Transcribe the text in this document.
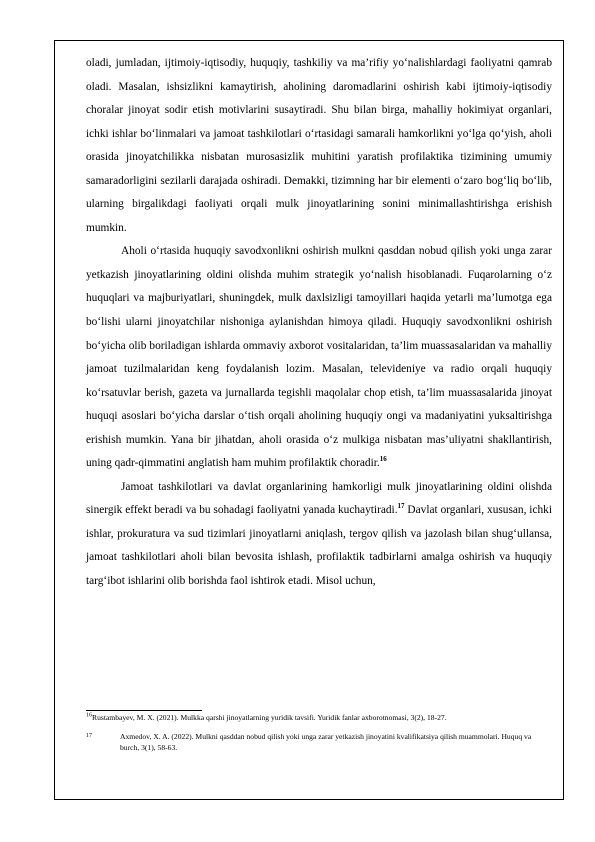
oladi, jumladan, ijtimoiy-iqtisodiy, huquqiy, tashkiliy va ma’rifiy yo‘nalishlardagi faoliyatni qamrab oladi. Masalan, ishsizlikni kamaytirish, aholining daromadlarini oshirish kabi ijtimoiy-iqtisodiy choralar jinoyat sodir etish motivlarini susaytiradi. Shu bilan birga, mahalliy hokimiyat organlari, ichki ishlar bo‘linmalari va jamoat tashkilotlari o‘rtasidagi samarali hamkorlikni yo‘lga qo‘yish, aholi orasida jinoyatchilikka nisbatan murosasizlik muhitini yaratish profilaktika tizimining umumiy samaradorligini sezilarli darajada oshiradi. Demakki, tizimning har bir elementi o‘zaro bog‘liq bo‘lib, ularning birgalikdagi faoliyati orqali mulk jinoyatlarining sonini minimallashtirishga erishish mumkin.

Aholi o‘rtasida huquqiy savodxonlikni oshirish mulkni qasddan nobud qilish yoki unga zarar yetkazish jinoyatlarining oldini olishda muhim strategik yo‘nalish hisoblanadi. Fuqarolarning o‘z huquqlari va majburiyatlari, shuningdek, mulk daxlsizligi tamoyillari haqida yetarli ma’lumotga ega bo‘lishi ularni jinoyatchilar nishoniga aylanishdan himoya qiladi. Huquqiy savodxonlikni oshirish bo‘yicha olib boriladigan ishlarda ommaviy axborot vositalaridan, ta’lim muassasalaridan va mahalliy jamoat tuzilmalaridan keng foydalanish lozim. Masalan, televideniye va radio orqali huquqiy ko‘rsatuvlar berish, gazeta va jurnallarda tegishli maqolalar chop etish, ta’lim muassasalarida jinoyat huquqi asoslari bo‘yicha darslar o‘tish orqali aholining huquqiy ongi va madaniyatini yuksaltirishga erishish mumkin. Yana bir jihatdan, aholi orasida o‘z mulkiga nisbatan mas’uliyatni shakllantirish, uning qadr-qimmatini anglatish ham muhim profilaktik choradir.$^{16}$

Jamoat tashkilotlari va davlat organlarining hamkorligi mulk jinoyatlarining oldini olishda sinergik effekt beradi va bu sohadagi faoliyatni yanada kuchaytiradi.$^{17}$ Davlat organlari, xususan, ichki ishlar, prokuratura va sud tizimlari jinoyatlarni aniqlash, tergov qilish va jazolash bilan shug‘ullansa, jamoat tashkilotlari aholi bilan bevosita ishlash, profilaktik tadbirlarni amalga oshirish va huquqiy targ‘ibot ishlarini olib borishda faol ishtirok etadi. Misol uchun,

$^{16}$Rustambayev, M. X. (2021). Mulkka qarshi jinoyatlarning yuridik tavsifi. Yuridik fanlar axborotnomasi, 3(2), 18-27.

17	Axmedov, X. A. (2022). Mulkni qasddan nobud qilish yoki unga zarar yetkazish jinoyatini kvalifikatsiya qilish muammolari. Huquq va burch, 3(1), 58-63.
